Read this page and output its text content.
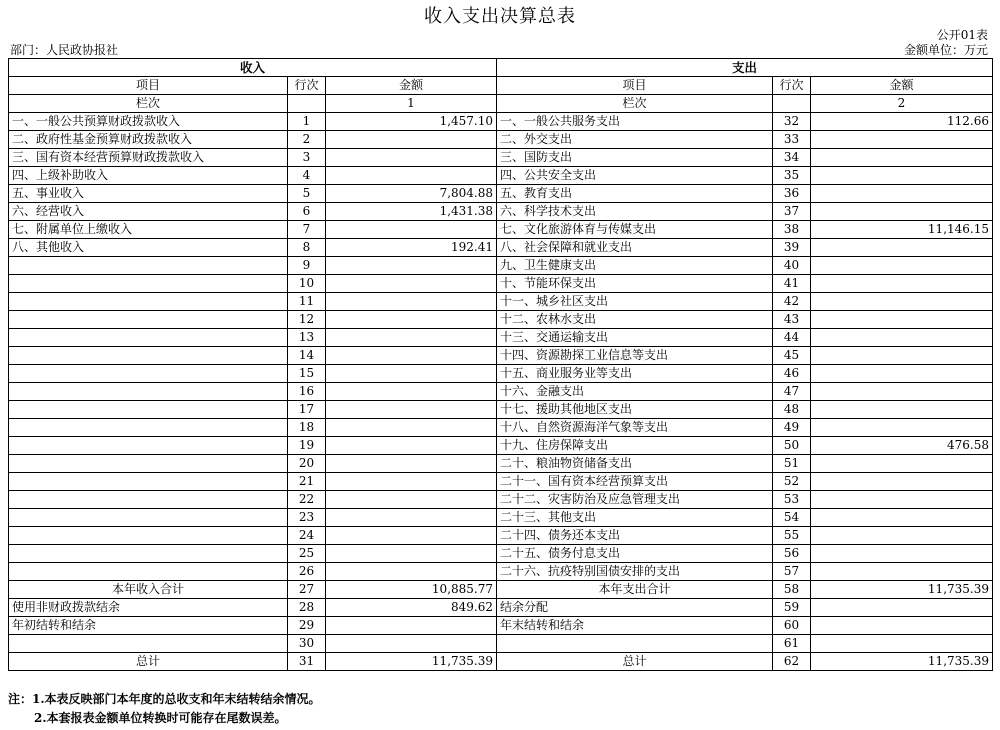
收入支出决算总表
公开01表
部门：人民政协报社	金额单位：万元
收入			支出		
项目	行次	金额	项目	行次	金额
栏次		1	栏次		2
一、一般公共预算财政拨款收入	1	1,457.10	一、一般公共服务支出	32	112.66
二、政府性基金预算财政拨款收入	2		二、外交支出	33	
三、国有资本经营预算财政拨款收入	3		三、国防支出	34	
四、上级补助收入	4		四、公共安全支出	35	
五、事业收入	5	7,804.88	五、教育支出	36	
六、经营收入	6	1,431.38	六、科学技术支出	37	
七、附属单位上缴收入	7		七、文化旅游体育与传媒支出	38	11,146.15
八、其他收入	8	192.41	八、社会保障和就业支出	39	
	9		九、卫生健康支出	40	
	10		十、节能环保支出	41	
	11		十一、城乡社区支出	42	
	12		十二、农林水支出	43	
	13		十三、交通运输支出	44	
	14		十四、资源勘探工业信息等支出	45	
	15		十五、商业服务业等支出	46	
	16		十六、金融支出	47	
	17		十七、援助其他地区支出	48	
	18		十八、自然资源海洋气象等支出	49	
	19		十九、住房保障支出	50	476.58
	20		二十、粮油物资储备支出	51	
	21		二十一、国有资本经营预算支出	52	
	22		二十二、灾害防治及应急管理支出	53	
	23		二十三、其他支出	54	
	24		二十四、债务还本支出	55	
	25		二十五、债务付息支出	56	
	26		二十六、抗疫特别国债安排的支出	57	
本年收入合计	27	10,885.77	本年支出合计	58	11,735.39
使用非财政拨款结余	28	849.62	结余分配	59	
年初结转和结余	29		年末结转和结余	60	
	30			61	
总计	31	11,735.39	总计	62	11,735.39
注：1.本表反映部门本年度的总收支和年末结转结余情况。
2.本套报表金额单位转换时可能存在尾数误差。
